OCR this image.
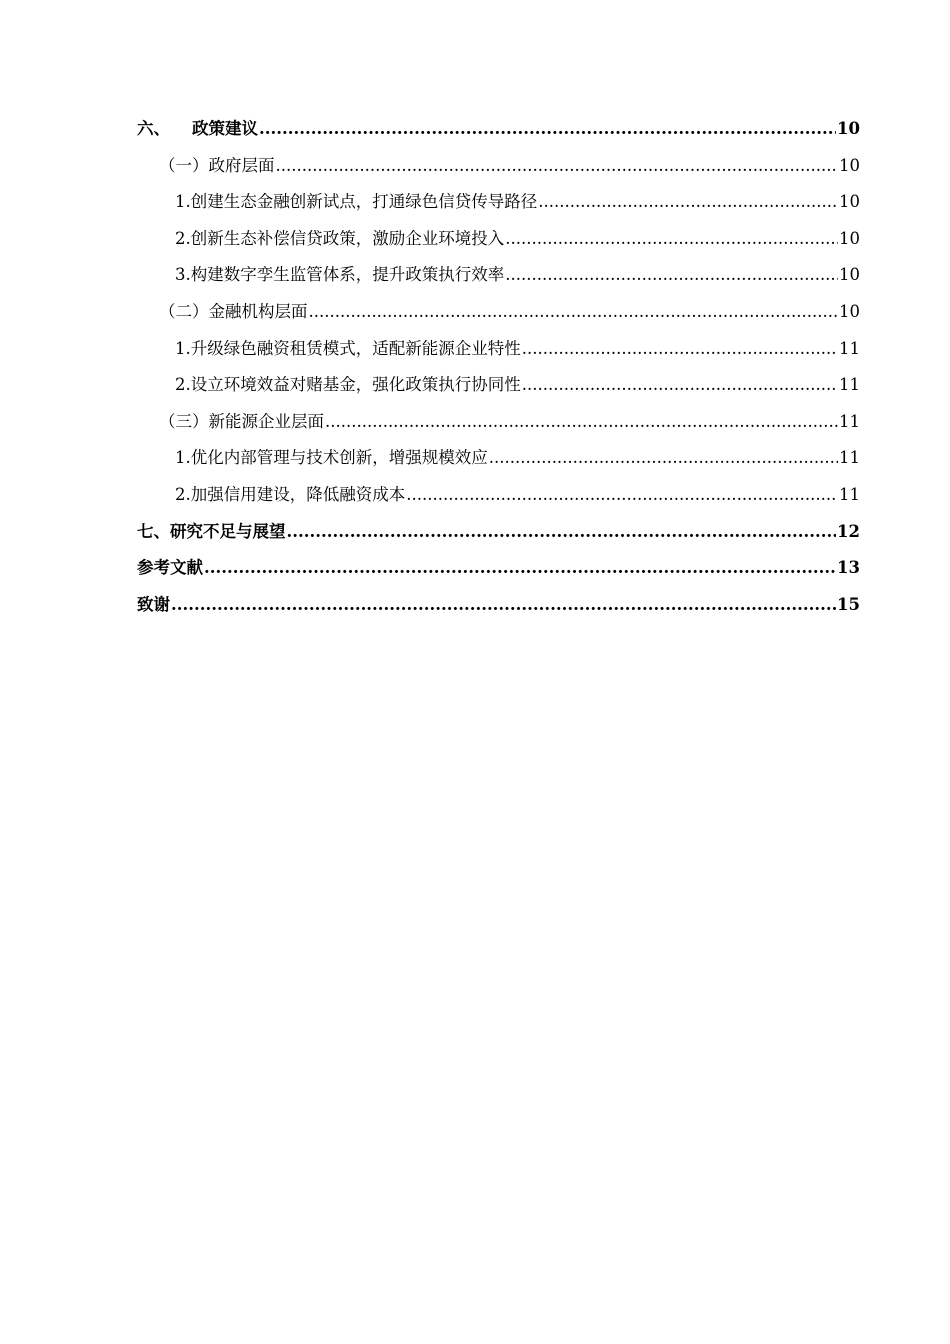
六、 政策建议 .....	10
（一）政府层面 .....	10
1.创建生态金融创新试点，打通绿色信贷传导路径 .....	10
2.创新生态补偿信贷政策，激励企业环境投入 .....	10
3.构建数字孪生监管体系，提升政策执行效率 .....	10
（二）金融机构层面 .....	10
1.升级绿色融资租赁模式，适配新能源企业特性 .....	11
2.设立环境效益对赌基金，强化政策执行协同性 .....	11
（三）新能源企业层面 .....	11
1.优化内部管理与技术创新，增强规模效应 .....	11
2.加强信用建设，降低融资成本 .....	11
七、研究不足与展望 .....	12
参考文献 .....	13
致谢 .....	15
